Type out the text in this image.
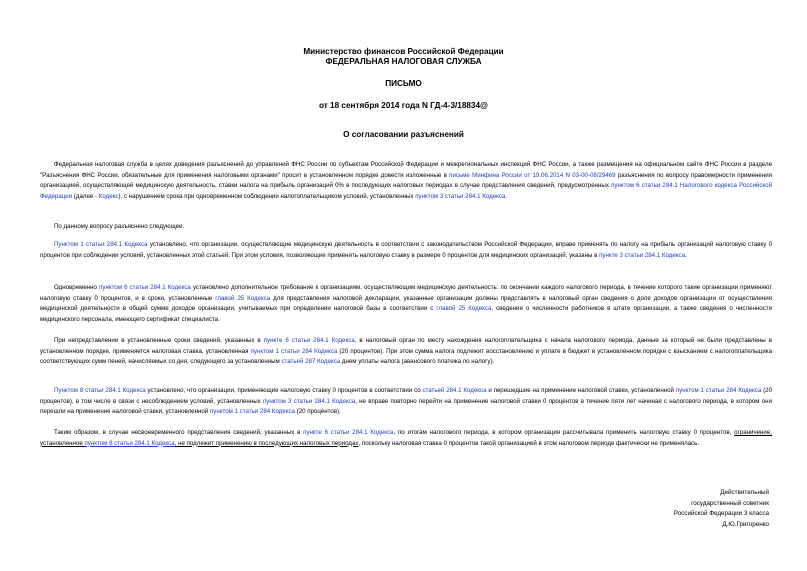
Министерство финансов Российской Федерации
ФЕДЕРАЛЬНАЯ НАЛОГОВАЯ СЛУЖБА
ПИСЬМО
от 18 сентября 2014 года N ГД-4-3/18834@
О согласовании разъяснений
Федеральная налоговая служба в целях доведения разъяснений до управлений ФНС России по субъектам Российской Федерации и межрегиональных инспекций ФНС России, а также размещения на официальном сайте ФНС России в разделе "Разъяснения ФНС России, обязательные для применения налоговыми органами" просит в установленном порядке довести изложенные в письме Минфина России от 19.06.2014 N 03-00-08/29469 разъяснения по вопросу правомерности применения организацией, осуществляющей медицинскую деятельность, ставки налога на прибыль организаций 0% в последующих налоговых периодах в случае представления сведений, предусмотренных пунктом 6 статьи 284.1 Налогового кодекса Российской Федерации (далее - Кодекс), с нарушением срока при одновременном соблюдении налогоплательщиком условий, установленных пунктом 3 статьи 284.1 Кодекса.
По данному вопросу разъяснено следующее.
Пунктом 1 статьи 284.1 Кодекса установлено, что организации, осуществляющие медицинскую деятельность в соответствии с законодательством Российской Федерации, вправе применять по налогу на прибыль организаций налоговую ставку 0 процентов при соблюдении условий, установленных этой статьей. При этом условия, позволяющие применять налоговую ставку в размере 0 процентов для медицинских организаций, указаны в пункте 3 статьи 284.1 Кодекса.
Одновременно пунктом 6 статьи 284.1 Кодекса установлено дополнительное требование к организациям, осуществляющим медицинскую деятельность: по окончании каждого налогового периода, в течение которого такие организации применяют налоговую ставку 0 процентов, и в сроки, установленные главой 25 Кодекса для представления налоговой декларации, указанные организации должны представлять в налоговый орган сведения о доле доходов организации от осуществления медицинской деятельности в общей сумме доходов организации, учитываемых при определении налоговой базы в соответствии с главой 25 Кодекса, сведения о численности работников в штате организации, а также сведения о численности медицинского персонала, имеющего сертификат специалиста.
При непредставлении в установленные сроки сведений, указанных в пункте 6 статьи 284.1 Кодекса, в налоговый орган по месту нахождения налогоплательщика с начала налогового периода, данные за который не были представлены в установленном порядке, применяется налоговая ставка, установленная пунктом 1 статьи 284 Кодекса (20 процентов). При этом сумма налога подлежит восстановлению и уплате в бюджет в установленном порядке с взысканием с налогоплательщика соответствующих сумм пеней, начисляемых со дня, следующего за установленным статьей 287 Кодекса днем уплаты налога (авансового платежа по налогу).
Пунктом 8 статьи 284.1 Кодекса установлено, что организации, применяющие налоговую ставку 0 процентов в соответствии со статьей 284.1 Кодекса и перешедшие на применение налоговой ставки, установленной пунктом 1 статьи 284 Кодекса (20 процентов), в том числе в связи с несоблюдением условий, установленных пунктом 3 статьи 284.1 Кодекса, не вправе повторно перейти на применение налоговой ставки 0 процентов в течение пяти лет начиная с налогового периода, в котором они перешли на применение налоговой ставки, установленной пунктом 1 статьи 284 Кодекса (20 процентов).
Таким образом, в случае несвоевременного представления сведений, указанных в пункте 6 статьи 284.1 Кодекса, по итогам налогового периода, в котором организация рассчитывала применить налоговую ставку 0 процентов, ограничение, установленное пунктом 8 статьи 284.1 Кодекса, не подлежит применению в последующих налоговых периодах, поскольку налоговая ставка 0 процентов такой организацией в этом налоговом периоде фактически не применялась.
Действительный
государственный советник
Российской Федерации 3 класса
Д.Ю.Григоренко
